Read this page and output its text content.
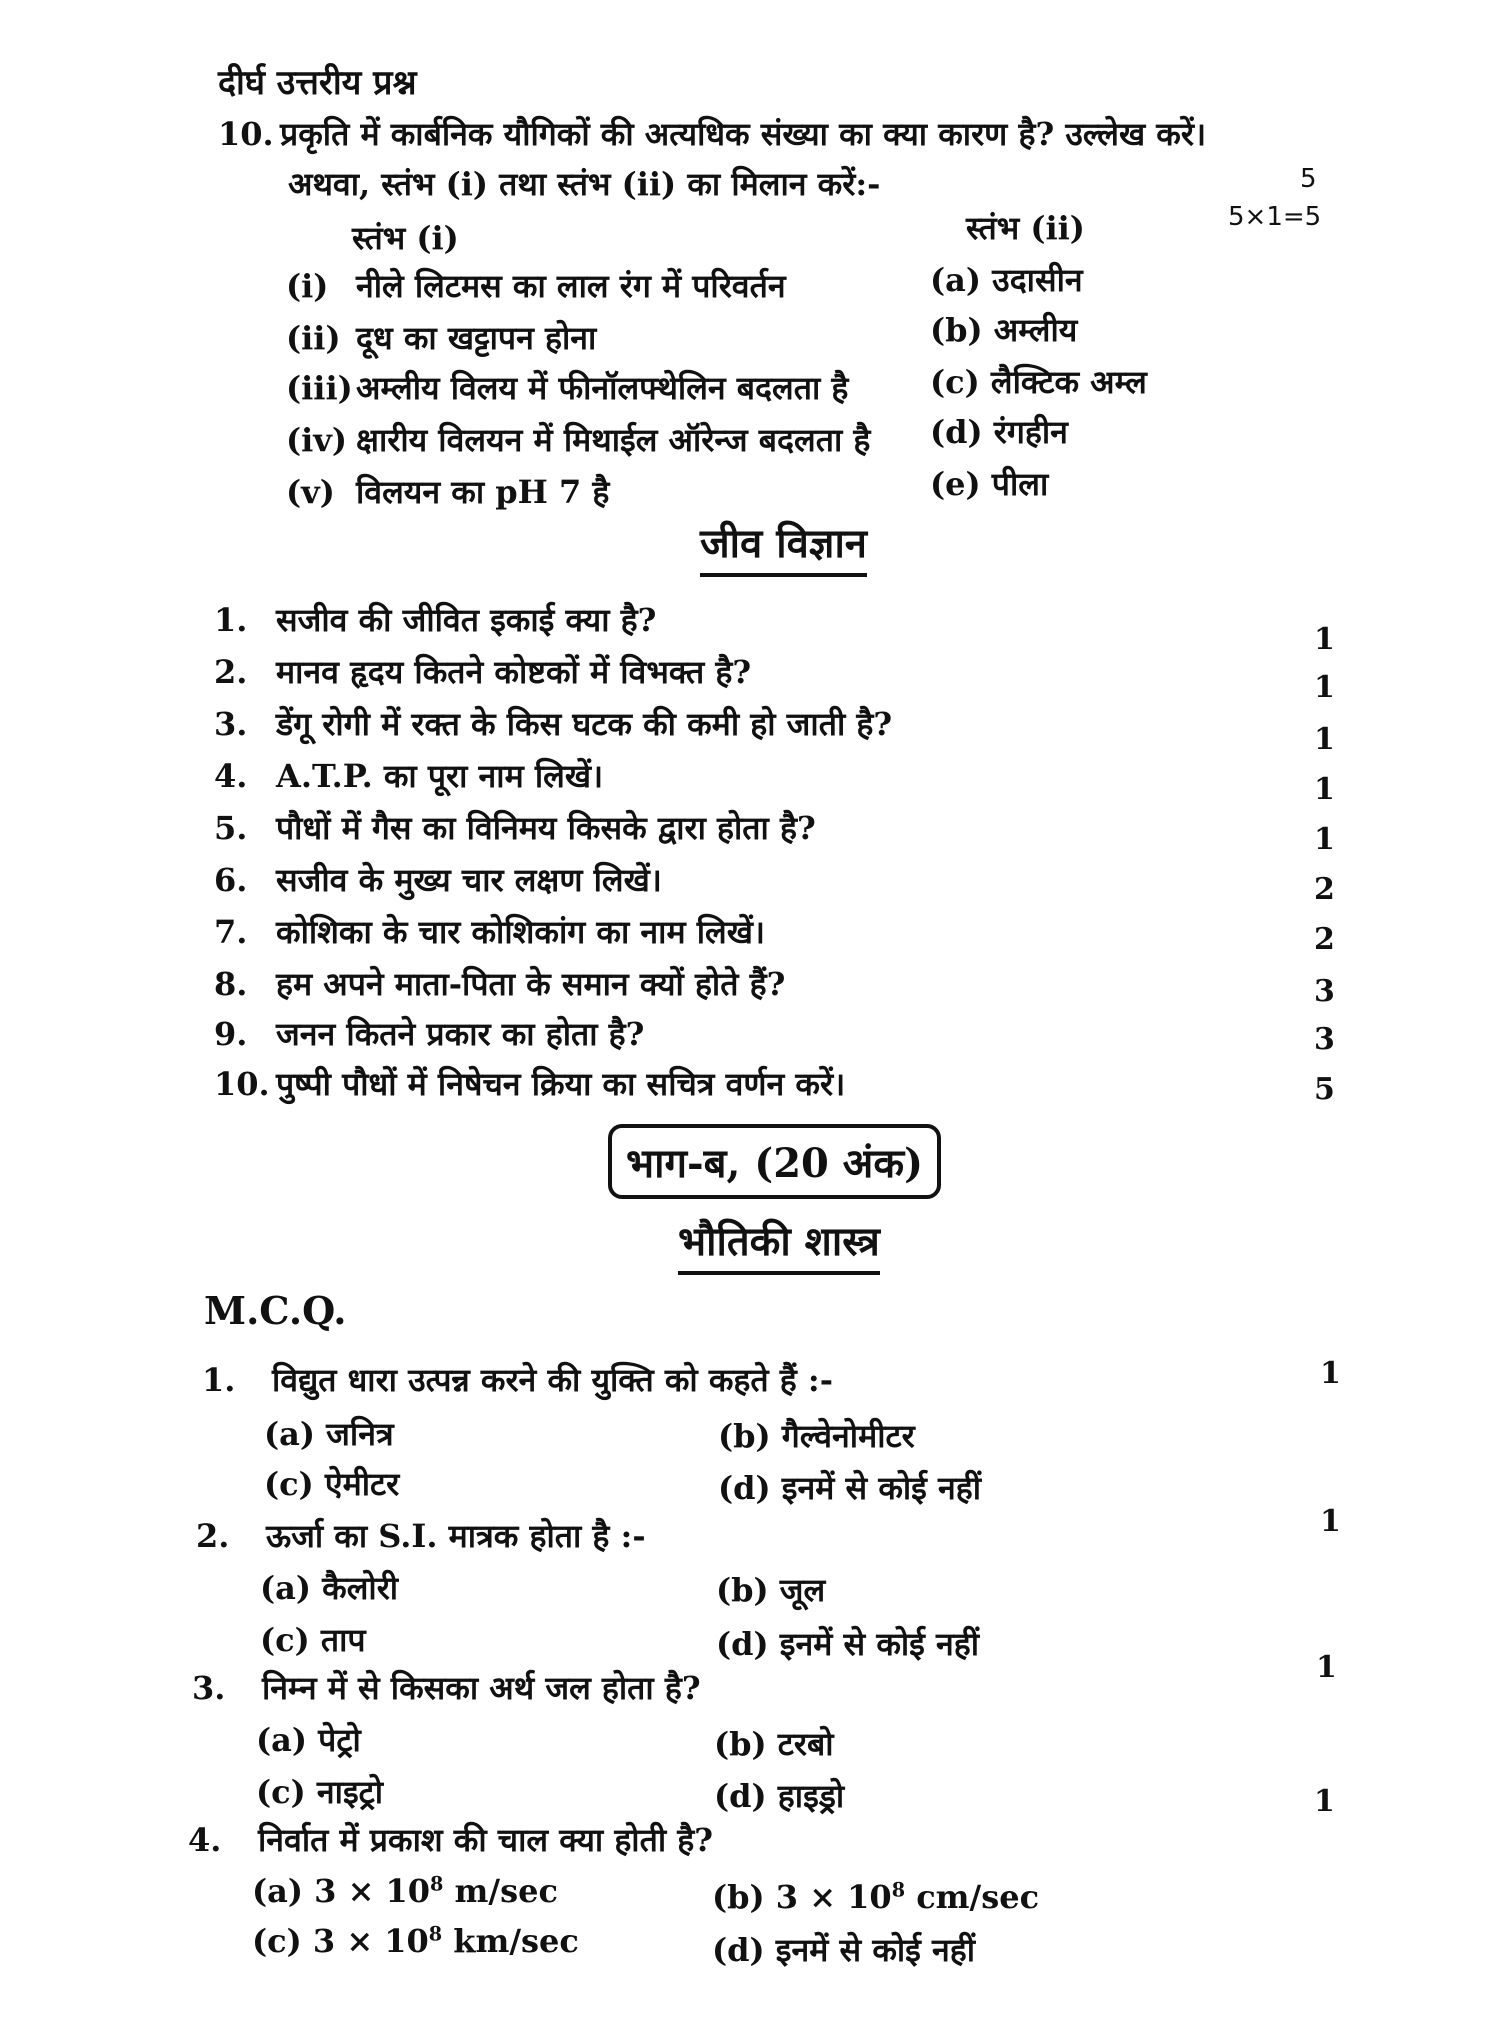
दीर्घ उत्तरीय प्रश्न
10. प्रकृति में कार्बनिक यौगिकों की अत्यधिक संख्या का क्या कारण है? उल्लेख करें।
अथवा, स्तंभ (i) तथा स्तंभ (ii) का मिलान करें:-	5
5×1=5
स्तंभ (i)	स्तंभ (ii)
(i) नीले लिटमस का लाल रंग में परिवर्तन	(a) उदासीन
(ii) दूध का खट्टापन होना	(b) अम्लीय
(iii) अम्लीय विलय में फीनॉलफ्थेलिन बदलता है	(c) लैक्टिक अम्ल
(iv) क्षारीय विलयन में मिथाईल ऑरेन्ज बदलता है (d) रंगहीन
(v) विलयन का pH 7 है	(e) पीला
जीव विज्ञान
1. सजीव की जीवित इकाई क्या है?
1
2. मानव हृदय कितने कोष्टकों में विभक्त है?	1
3. डेंगू रोगी में रक्त के किस घटक की कमी हो जाती है?	1
4. A.T.P. का पूरा नाम लिखें।	1
5. पौधों में गैस का विनिमय किसके द्वारा होता है?	1
6. सजीव के मुख्य चार लक्षण लिखें।	2
7. कोशिका के चार कोशिकांग का नाम लिखें।	2
8. हम अपने माता-पिता के समान क्यों होते हैं?	3
9. जनन कितने प्रकार का होता है?	3
10. पुष्पी पौधों में निषेचन क्रिया का सचित्र वर्णन करें।	5
भाग-ब, (20 अंक)
भौतिकी शास्त्र
M.C.Q.
1. विद्युत धारा उत्पन्न करने की युक्ति को कहते हैं :-	1
(a) जनित्र	(b) गैल्वेनोमीटर
(c) ऐमीटर	(d) इनमें से कोई नहीं
2. ऊर्जा का S.I. मात्रक होता है :-	1
(a) कैलोरी	(b) जूल
(c) ताप	(d) इनमें से कोई नहीं
3. निम्न में से किसका अर्थ जल होता है?
1
(a) पेट्रो	(b) टरबो
(c) नाइट्रो	(d) हाइड्रो	1
4. निर्वात में प्रकाश की चाल क्या होती है?
(a) $3 \times 10^8$ m/sec	(b) $3 \times 10^8$ cm/sec
(c) $3 \times 10^8$ km/sec	(d) इनमें से कोई नहीं
